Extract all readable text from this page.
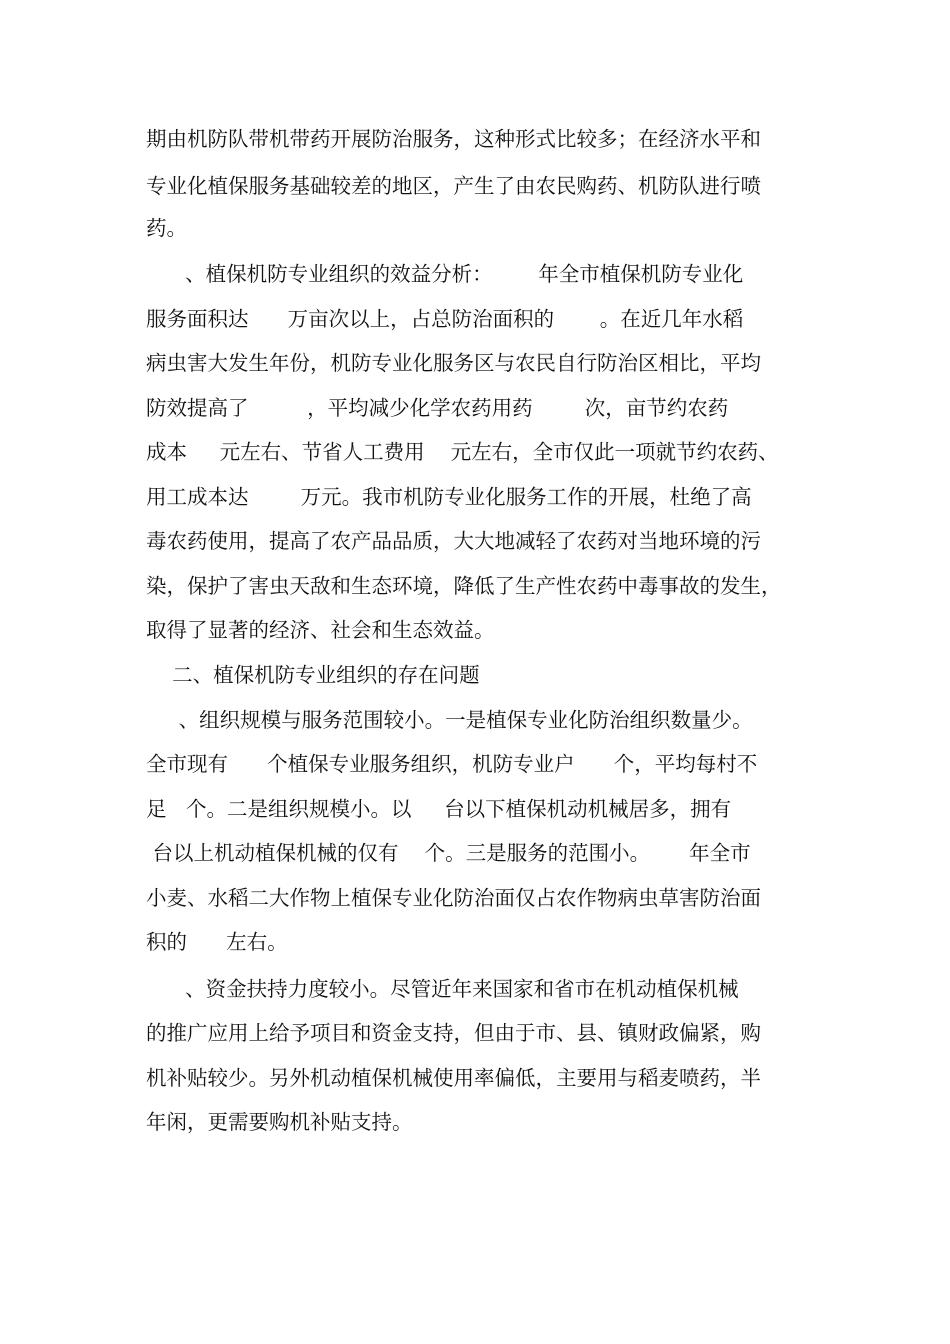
期由机防队带机带药开展防治服务，这种形式比较多；在经济水平和
专业化植保服务基础较差的地区，产生了由农民购药、机防队进行喷
药。
、植保机防专业组织的效益分析：       年全市植保机防专业化
服务面积达      万亩次以上，占总防治面积的       。在近几年水稻
病虫害大发生年份，机防专业化服务区与农民自行防治区相比，平均
防效提高了         ，平均减少化学农药用药        次，亩节约农药
成本     元左右、节省人工费用    元左右，全市仅此一项就节约农药、
用工成本达        万元。我市机防专业化服务工作的开展，杜绝了高
毒农药使用，提高了农产品品质，大大地减轻了农药对当地环境的污
染，保护了害虫天敌和生态环境，降低了生产性农药中毒事故的发生，
取得了显著的经济、社会和生态效益。
二、植保机防专业组织的存在问题
、组织规模与服务范围较小。一是植保专业化防治组织数量少。
全市现有      个植保专业服务组织，机防专业户      个，平均每村不
足   个。二是组织规模小。以     台以下植保机动机械居多，拥有
台以上机动植保机械的仅有    个。三是服务的范围小。      年全市
小麦、水稻二大作物上植保专业化防治面仅占农作物病虫草害防治面
积的      左右。
、资金扶持力度较小。尽管近年来国家和省市在机动植保机械
的推广应用上给予项目和资金支持，但由于市、县、镇财政偏紧，购
机补贴较少。另外机动植保机械使用率偏低，主要用与稻麦喷药，半
年闲，更需要购机补贴支持。
